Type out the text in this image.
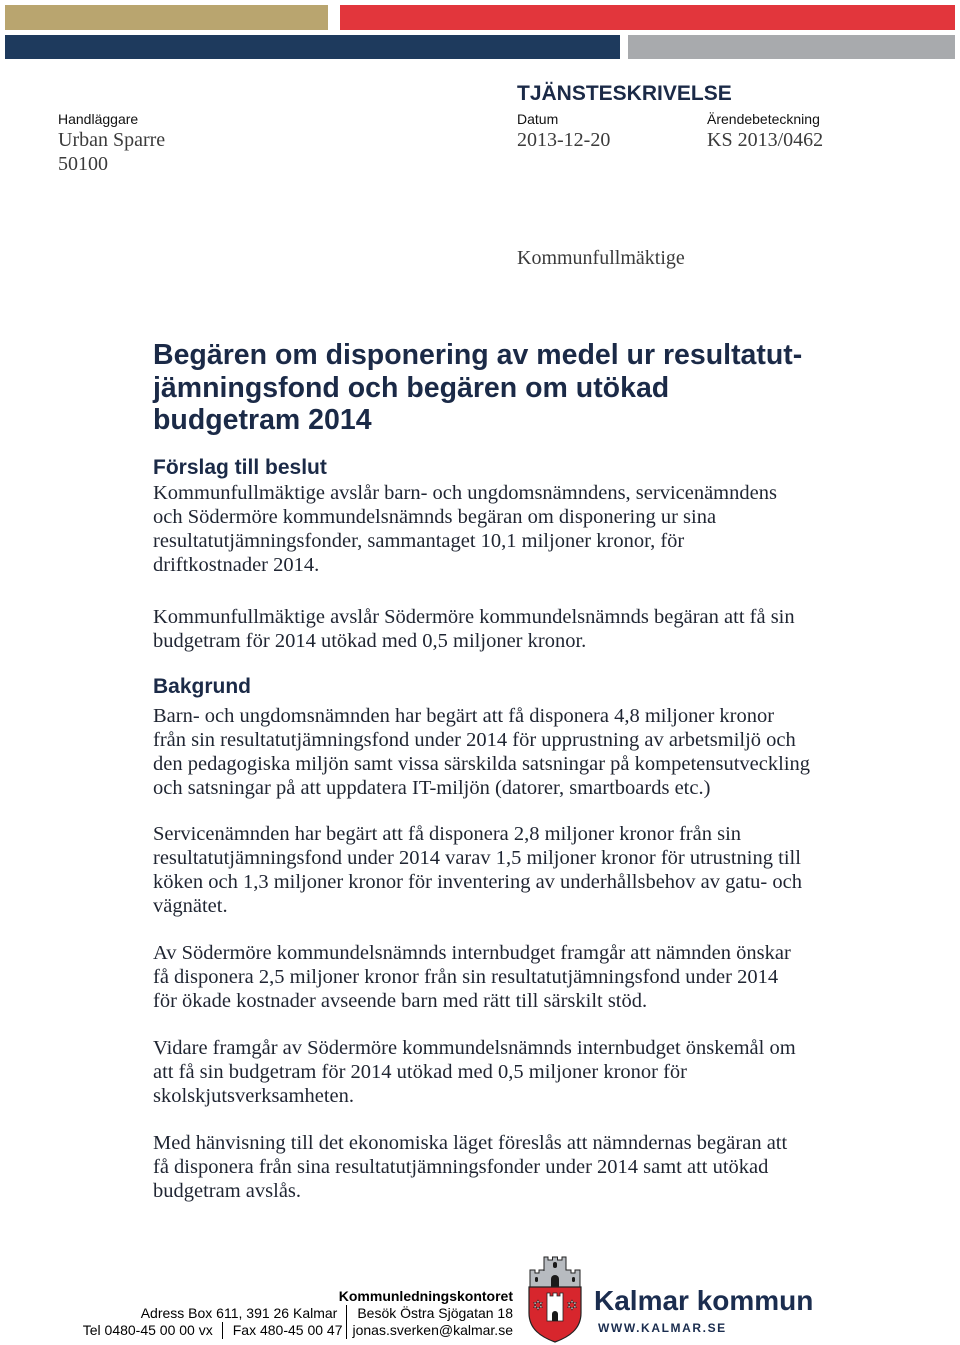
TJÄNSTESKRIVELSE
Handläggare	Datum	Ärendebeteckning
Urban Sparre	2013-12-20	KS 2013/0462
50100
Kommunfullmäktige
Begären om disponering av medel ur resultatut-
jämningsfond och begären om utökad
budgetram 2014
Förslag till beslut
Kommunfullmäktige avslår barn- och ungdomsnämndens, servicenämndens
och Södermöre kommundelsnämnds begäran om disponering ur sina
resultatutjämningsfonder, sammantaget 10,1 miljoner kronor, för
driftkostnader 2014.
Kommunfullmäktige avslår Södermöre kommundelsnämnds begäran att få sin
budgetram för 2014 utökad med 0,5 miljoner kronor.
Bakgrund
Barn- och ungdomsnämnden har begärt att få disponera 4,8 miljoner kronor
från sin resultatutjämningsfond under 2014 för upprustning av arbetsmiljö och
den pedagogiska miljön samt vissa särskilda satsningar på kompetensutveckling
och satsningar på att uppdatera IT-miljön (datorer, smartboards etc.)
Servicenämnden har begärt att få disponera 2,8 miljoner kronor från sin
resultatutjämningsfond under 2014 varav 1,5 miljoner kronor för utrustning till
köken och 1,3 miljoner kronor för inventering av underhållsbehov av gatu- och
vägnätet.
Av Södermöre kommundelsnämnds internbudget framgår att nämnden önskar
få disponera 2,5 miljoner kronor från sin resultatutjämningsfond under 2014
för ökade kostnader avseende barn med rätt till särskilt stöd.
Vidare framgår av Södermöre kommundelsnämnds internbudget önskemål om
att få sin budgetram för 2014 utökad med 0,5 miljoner kronor för
skolskjutsverksamheten.
Med hänvisning till det ekonomiska läget föreslås att nämndernas begäran att
få disponera från sina resultatutjämningsfonder under 2014 samt att utökad
budgetram avslås.
Kommunledningskontoret
Adress Box 611, 391 26 Kalmar Besök Östra Sjögatan 18
Tel 0480-45 00 00 vx Fax 480-45 00 47 jonas.sverken@kalmar.se
Kalmar kommun
WWW.KALMAR.SE
